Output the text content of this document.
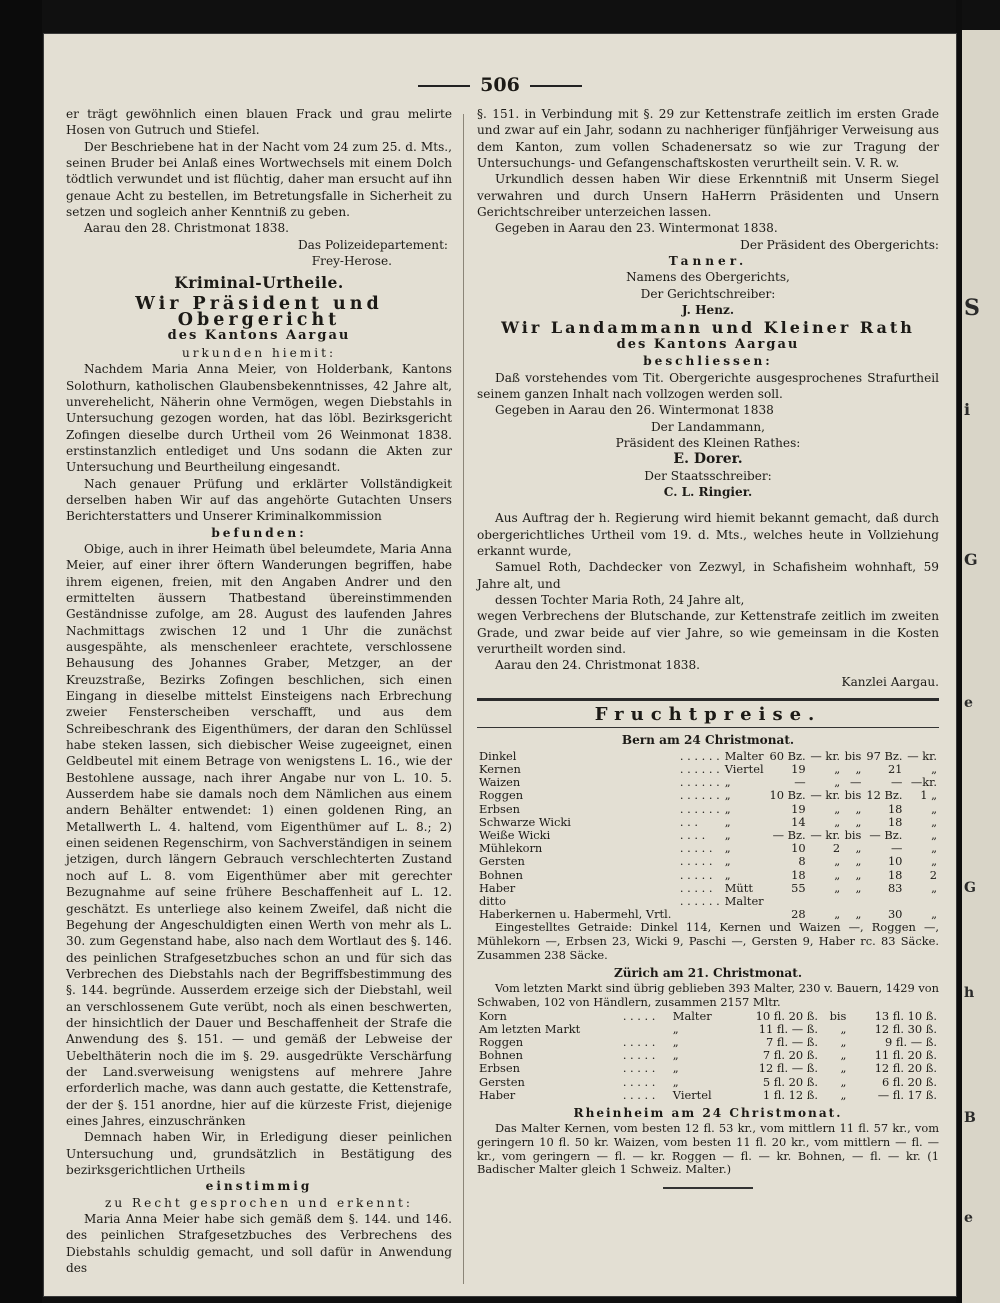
S
i
G
e
G
h
B
e
506

er trägt gewöhnlich einen blauen Frack und grau melirte Hosen von Gutruch und Stiefel.

Der Beschriebene hat in der Nacht vom 24 zum 25. d. Mts., seinen Bruder bei Anlaß eines Wortwechsels mit einem Dolch tödtlich verwundet und ist flüchtig, daher man ersucht auf ihn genaue Acht zu bestellen, im Betretungsfalle in Sicherheit zu setzen und sogleich anher Kenntniß zu geben.

Aarau den 28. Christmonat 1838.

Das Polizeidepartement:

Frey-Herose.

Kriminal-Urtheile.
Wir Präsident und Obergericht
des Kantons Aargau

urkunden hiemit:

Nachdem Maria Anna Meier, von Holderbank, Kantons Solothurn, katholischen Glaubensbekenntnisses, 42 Jahre alt, unverehelicht, Näherin ohne Vermögen, wegen Diebstahls in Untersuchung gezogen worden, hat das löbl. Bezirksgericht Zofingen dieselbe durch Urtheil vom 26 Weinmonat 1838. erstinstanzlich entlediget und Uns sodann die Akten zur Untersuchung und Beurtheilung eingesandt.

Nach genauer Prüfung und erklärter Vollständigkeit derselben haben Wir auf das angehörte Gutachten Unsers Berichterstatters und Unserer Kriminalkommission

befunden:

Obige, auch in ihrer Heimath übel beleumdete, Maria Anna Meier, auf einer ihrer öftern Wanderungen begriffen, habe ihrem eigenen, freien, mit den Angaben Andrer und den ermittelten äussern Thatbestand übereinstimmenden Geständnisse zufolge, am 28. August des laufenden Jahres Nachmittags zwischen 12 und 1 Uhr die zunächst ausgespähte, als menschenleer erachtete, verschlossene Behausung des Johannes Graber, Metzger, an der Kreuzstraße, Bezirks Zofingen beschlichen, sich einen Eingang in dieselbe mittelst Einsteigens nach Erbrechung zweier Fensterscheiben verschafft, und aus dem Schreibeschrank des Eigenthümers, der daran den Schlüssel habe steken lassen, sich diebischer Weise zugeeignet, einen Geldbeutel mit einem Betrage von wenigstens L. 16., wie der Bestohlene aussage, nach ihrer Angabe nur von L. 10. 5. Ausserdem habe sie damals noch dem Nämlichen aus einem andern Behälter entwendet: 1) einen goldenen Ring, an Metallwerth L. 4. haltend, vom Eigenthümer auf L. 8.; 2) einen seidenen Regenschirm, von Sachverständigen in seinem jetzigen, durch längern Gebrauch verschlechterten Zustand noch auf L. 8. vom Eigenthümer aber mit gerechter Bezugnahme auf seine frühere Beschaffenheit auf L. 12. geschätzt. Es unterliege also keinem Zweifel, daß nicht die Begehung der Angeschuldigten einen Werth von mehr als L. 30. zum Gegenstand habe, also nach dem Wortlaut des §. 146. des peinlichen Strafgesetzbuches schon an und für sich das Verbrechen des Diebstahls nach der Begriffsbestimmung des §. 144. begründe. Ausserdem erzeige sich der Diebstahl, weil an verschlossenem Gute verübt, noch als einen beschwerten, der hinsichtlich der Dauer und Beschaffenheit der Strafe die Anwendung des §. 151. — und gemäß der Lebweise der Uebelthäterin noch die im §. 29. ausgedrükte Verschärfung der Land.sverweisung wenigstens auf mehrere Jahre erforderlich mache, was dann auch gestatte, die Kettenstrafe, der der §. 151 anordne, hier auf die kürzeste Frist, diejenige eines Jahres, einzuschränken

Demnach haben Wir, in Erledigung dieser peinlichen Untersuchung und, grundsätzlich in Bestätigung des bezirksgerichtlichen Urtheils

einstimmig

zu Recht gesprochen und erkennt:

Maria Anna Meier habe sich gemäß dem §. 144. und 146. des peinlichen Strafgesetzbuches des Verbrechens des Diebstahls schuldig gemacht, und soll dafür in Anwendung des

§. 151. in Verbindung mit §. 29 zur Kettenstrafe zeitlich im ersten Grade und zwar auf ein Jahr, sodann zu nachheriger fünfjähriger Verweisung aus dem Kanton, zum vollen Schadenersatz so wie zur Tragung der Untersuchungs- und Gefangenschaftskosten verurtheilt sein. V. R. w.

Urkundlich dessen haben Wir diese Erkenntniß mit Unserm Siegel verwahren und durch Unsern HaHerrn Präsidenten und Unsern Gerichtschreiber unterzeichen lassen.

Gegeben in Aarau den 23. Wintermonat 1838.

Der Präsident des Obergerichts:

Tanner.

Namens des Obergerichts,

Der Gerichtschreiber:

J. Henz.

Wir Landammann und Kleiner Rath
des Kantons Aargau

beschliessen:

Daß vorstehendes vom Tit. Obergerichte ausgesprochenes Strafurtheil seinem ganzen Inhalt nach vollzogen werden soll.

Gegeben in Aarau den 26. Wintermonat 1838

Der Landammann,

Präsident des Kleinen Rathes:

E. Dorer.

Der Staatsschreiber:

C. L. Ringier.

Aus Auftrag der h. Regierung wird hiemit bekannt gemacht, daß durch obergerichtliches Urtheil vom 19. d. Mts., welches heute in Vollziehung erkannt wurde,

Samuel Roth, Dachdecker von Zezwyl, in Schafisheim wohnhaft, 59 Jahre alt, und

dessen Tochter Maria Roth, 24 Jahre alt,

wegen Verbrechens der Blutschande, zur Kettenstrafe zeitlich im zweiten Grade, und zwar beide auf vier Jahre, so wie gemeinsam in die Kosten verurtheilt worden sind.

Aarau den 24. Christmonat 1838.

Kanzlei Aargau.

Fruchtpreise.

Bern am 24 Christmonat.

Dinkel	. . . . . .	Malter	60 Bz.	— kr.	bis	97 Bz.	— kr.
Kernen	. . . . . .	Viertel	19	„	„	21	„
Waizen	. . . . . .	„	—	„	—	—	—kr.
Roggen	. . . . . .	„	10 Bz.	— kr.	bis	12 Bz.	1 „
Erbsen	. . . . . .	„	19	„	„	18	„
Schwarze Wicki	. . .	„	14	„	„	18	„
Weiße Wicki	. . . .	„	— Bz.	— kr.	bis	— Bz.	„
Mühlekorn	. . . . .	„	10	2	„	—	„
Gersten	. . . . .	„	8	„	„	10	„
Bohnen	. . . . .	„	18	„	„	18	2
Haber	. . . . .	Mütt	55	„	„	83	„
ditto	. . . . . .	Malter					
Haberkernen u. Habermehl, Vrtl.			28	„	„	30	„

Eingestelltes Getraide: Dinkel 114, Kernen und Waizen —, Roggen —, Mühlekorn —, Erbsen 23, Wicki 9, Paschi —, Gersten 9, Haber rc. 83 Säcke. Zusammen 238 Säcke.

Zürich am 21. Christmonat.

Vom letzten Markt sind übrig geblieben 393 Malter, 230 v. Bauern, 1429 von Schwaben, 102 von Händlern, zusammen 2157 Mltr.

Korn	. . . . .	Malter	10 fl. 20 ß.	bis	13 fl. 10 ß.
Am letzten Markt		„	11 fl. — ß.	„	12 fl. 30 ß.
Roggen	. . . . .	„	7 fl. — ß.	„	9 fl. — ß.
Bohnen	. . . . .	„	7 fl. 20 ß.	„	11 fl. 20 ß.
Erbsen	. . . . .	„	12 fl. — ß.	„	12 fl. 20 ß.
Gersten	. . . . .	„	5 fl. 20 ß.	„	6 fl. 20 ß.
Haber	. . . . .	Viertel	1 fl. 12 ß.	„	— fl. 17 ß.

Rheinheim am 24 Christmonat.

Das Malter Kernen, vom besten 12 fl. 53 kr., vom mittlern 11 fl. 57 kr., vom geringern 10 fl. 50 kr. Waizen, vom besten 11 fl. 20 kr., vom mittlern — fl. — kr., vom geringern — fl. — kr. Roggen — fl. — kr. Bohnen, — fl. — kr. (1 Badischer Malter gleich 1 Schweiz. Malter.)
